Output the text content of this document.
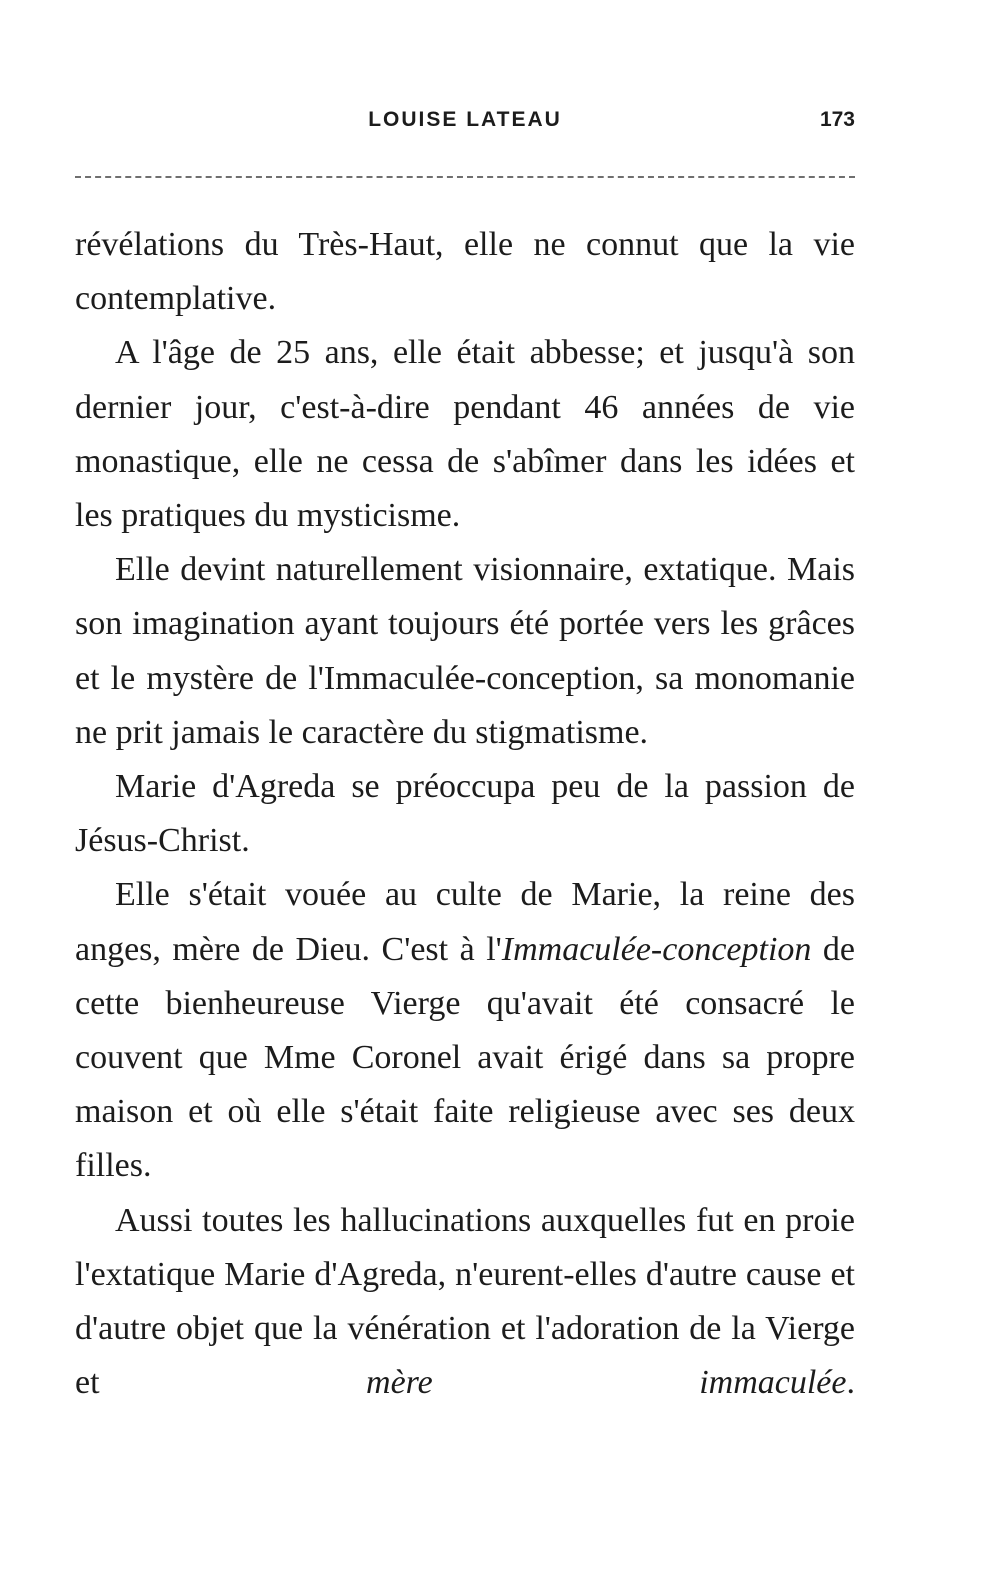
LOUISE LATEAU	173

révélations du Très-Haut, elle ne connut que la vie contemplative.

A l'âge de 25 ans, elle était abbesse; et jusqu'à son dernier jour, c'est-à-dire pendant 46 années de vie monastique, elle ne cessa de s'abîmer dans les idées et les pratiques du mysticisme.

Elle devint naturellement visionnaire, extatique. Mais son imagination ayant toujours été portée vers les grâces et le mystère de l'Immaculée-conception, sa monomanie ne prit jamais le caractère du stigmatisme.

Marie d'Agreda se préoccupa peu de la passion de Jésus-Christ.

Elle s'était vouée au culte de Marie, la reine des anges, mère de Dieu. C'est à l'Immaculée-conception de cette bienheureuse Vierge qu'avait été consacré le couvent que Mme Coronel avait érigé dans sa propre maison et où elle s'était faite religieuse avec ses deux filles.

Aussi toutes les hallucinations auxquelles fut en proie l'extatique Marie d'Agreda, n'eurent-elles d'autre cause et d'autre objet que la vénération et l'adoration de la Vierge et mère immaculée.
